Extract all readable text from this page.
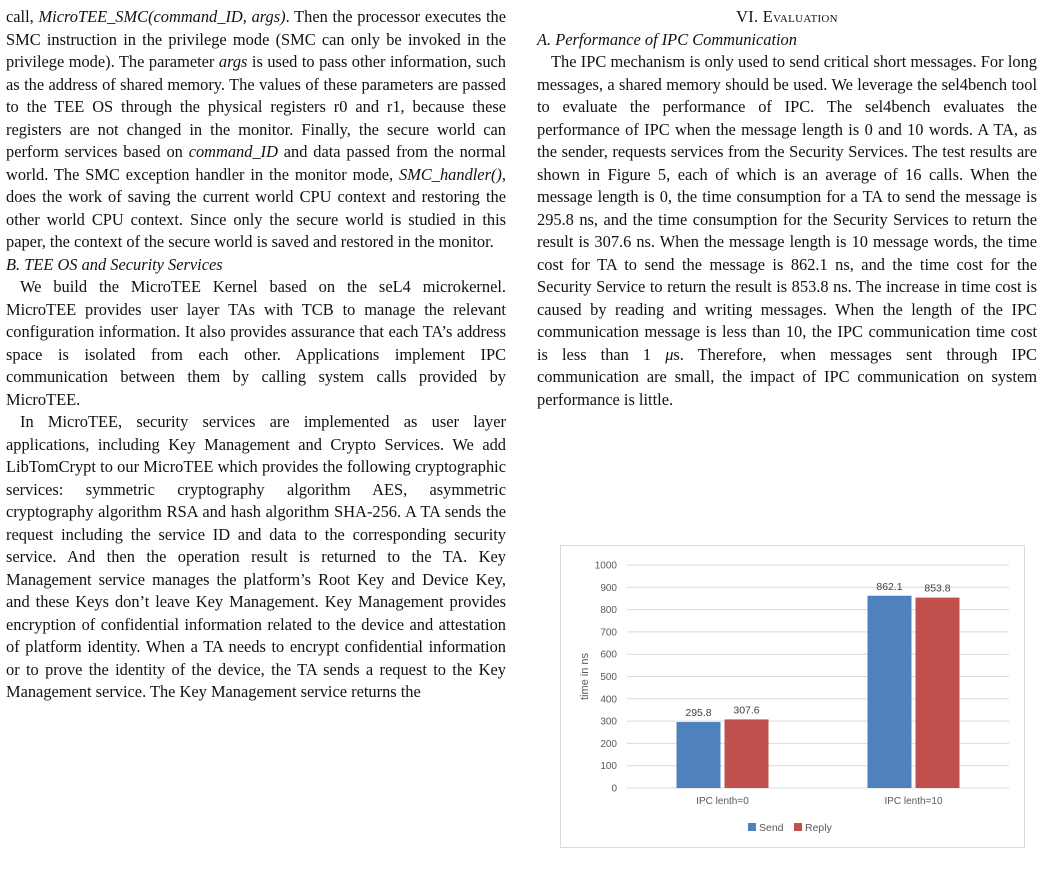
call, MicroTEE_SMC(command_ID, args). Then the processor executes the SMC instruction in the privilege mode (SMC can only be invoked in the privilege mode). The parameter args is used to pass other information, such as the address of shared memory. The values of these parameters are passed to the TEE OS through the physical registers r0 and r1, because these registers are not changed in the monitor. Finally, the secure world can perform services based on command_ID and data passed from the normal world. The SMC exception handler in the monitor mode, SMC_handler(), does the work of saving the current world CPU context and restoring the other world CPU context. Since only the secure world is studied in this paper, the context of the secure world is saved and restored in the monitor.

B. TEE OS and Security Services

We build the MicroTEE Kernel based on the seL4 microkernel. MicroTEE provides user layer TAs with TCB to manage the relevant configuration information. It also provides assurance that each TA’s address space is isolated from each other. Applications implement IPC communication between them by calling system calls provided by MicroTEE.

In MicroTEE, security services are implemented as user layer applications, including Key Management and Crypto Services. We add LibTomCrypt to our MicroTEE which provides the following cryptographic services: symmetric cryptography algorithm AES, asymmetric cryptography algorithm RSA and hash algorithm SHA-256. A TA sends the request including the service ID and data to the corresponding security service. And then the operation result is returned to the TA. Key Management service manages the platform’s Root Key and Device Key, and these Keys don’t leave Key Management. Key Management provides encryption of confidential information related to the device and attestation of platform identity. When a TA needs to encrypt confidential information or to prove the identity of the device, the TA sends a request to the Key Management service. The Key Management service returns the

VI. Evaluation

A. Performance of IPC Communication

The IPC mechanism is only used to send critical short messages. For long messages, a shared memory should be used. We leverage the sel4bench tool to evaluate the performance of IPC. The sel4bench evaluates the performance of IPC when the message length is 0 and 10 words. A TA, as the sender, requests services from the Security Services. The test results are shown in Figure 5, each of which is an average of 16 calls. When the message length is 0, the time consumption for a TA to send the message is 295.8 ns, and the time consumption for the Security Services to return the result is 307.6 ns. When the message length is 10 message words, the time cost for TA to send the message is 862.1 ns, and the time cost for the Security Service to return the result is 853.8 ns. The increase in time cost is caused by reading and writing messages. When the length of the IPC communication message is less than 10, the IPC communication time cost is less than 1 μs. Therefore, when messages sent through IPC communication are small, the impact of IPC communication on system performance is little.

0
100
200
300
400
500
600
700
800
900
1000
time in ns
295.8 307.6
IPC lenth=0
862.1 853.8
IPC lenth=10
Send Reply
